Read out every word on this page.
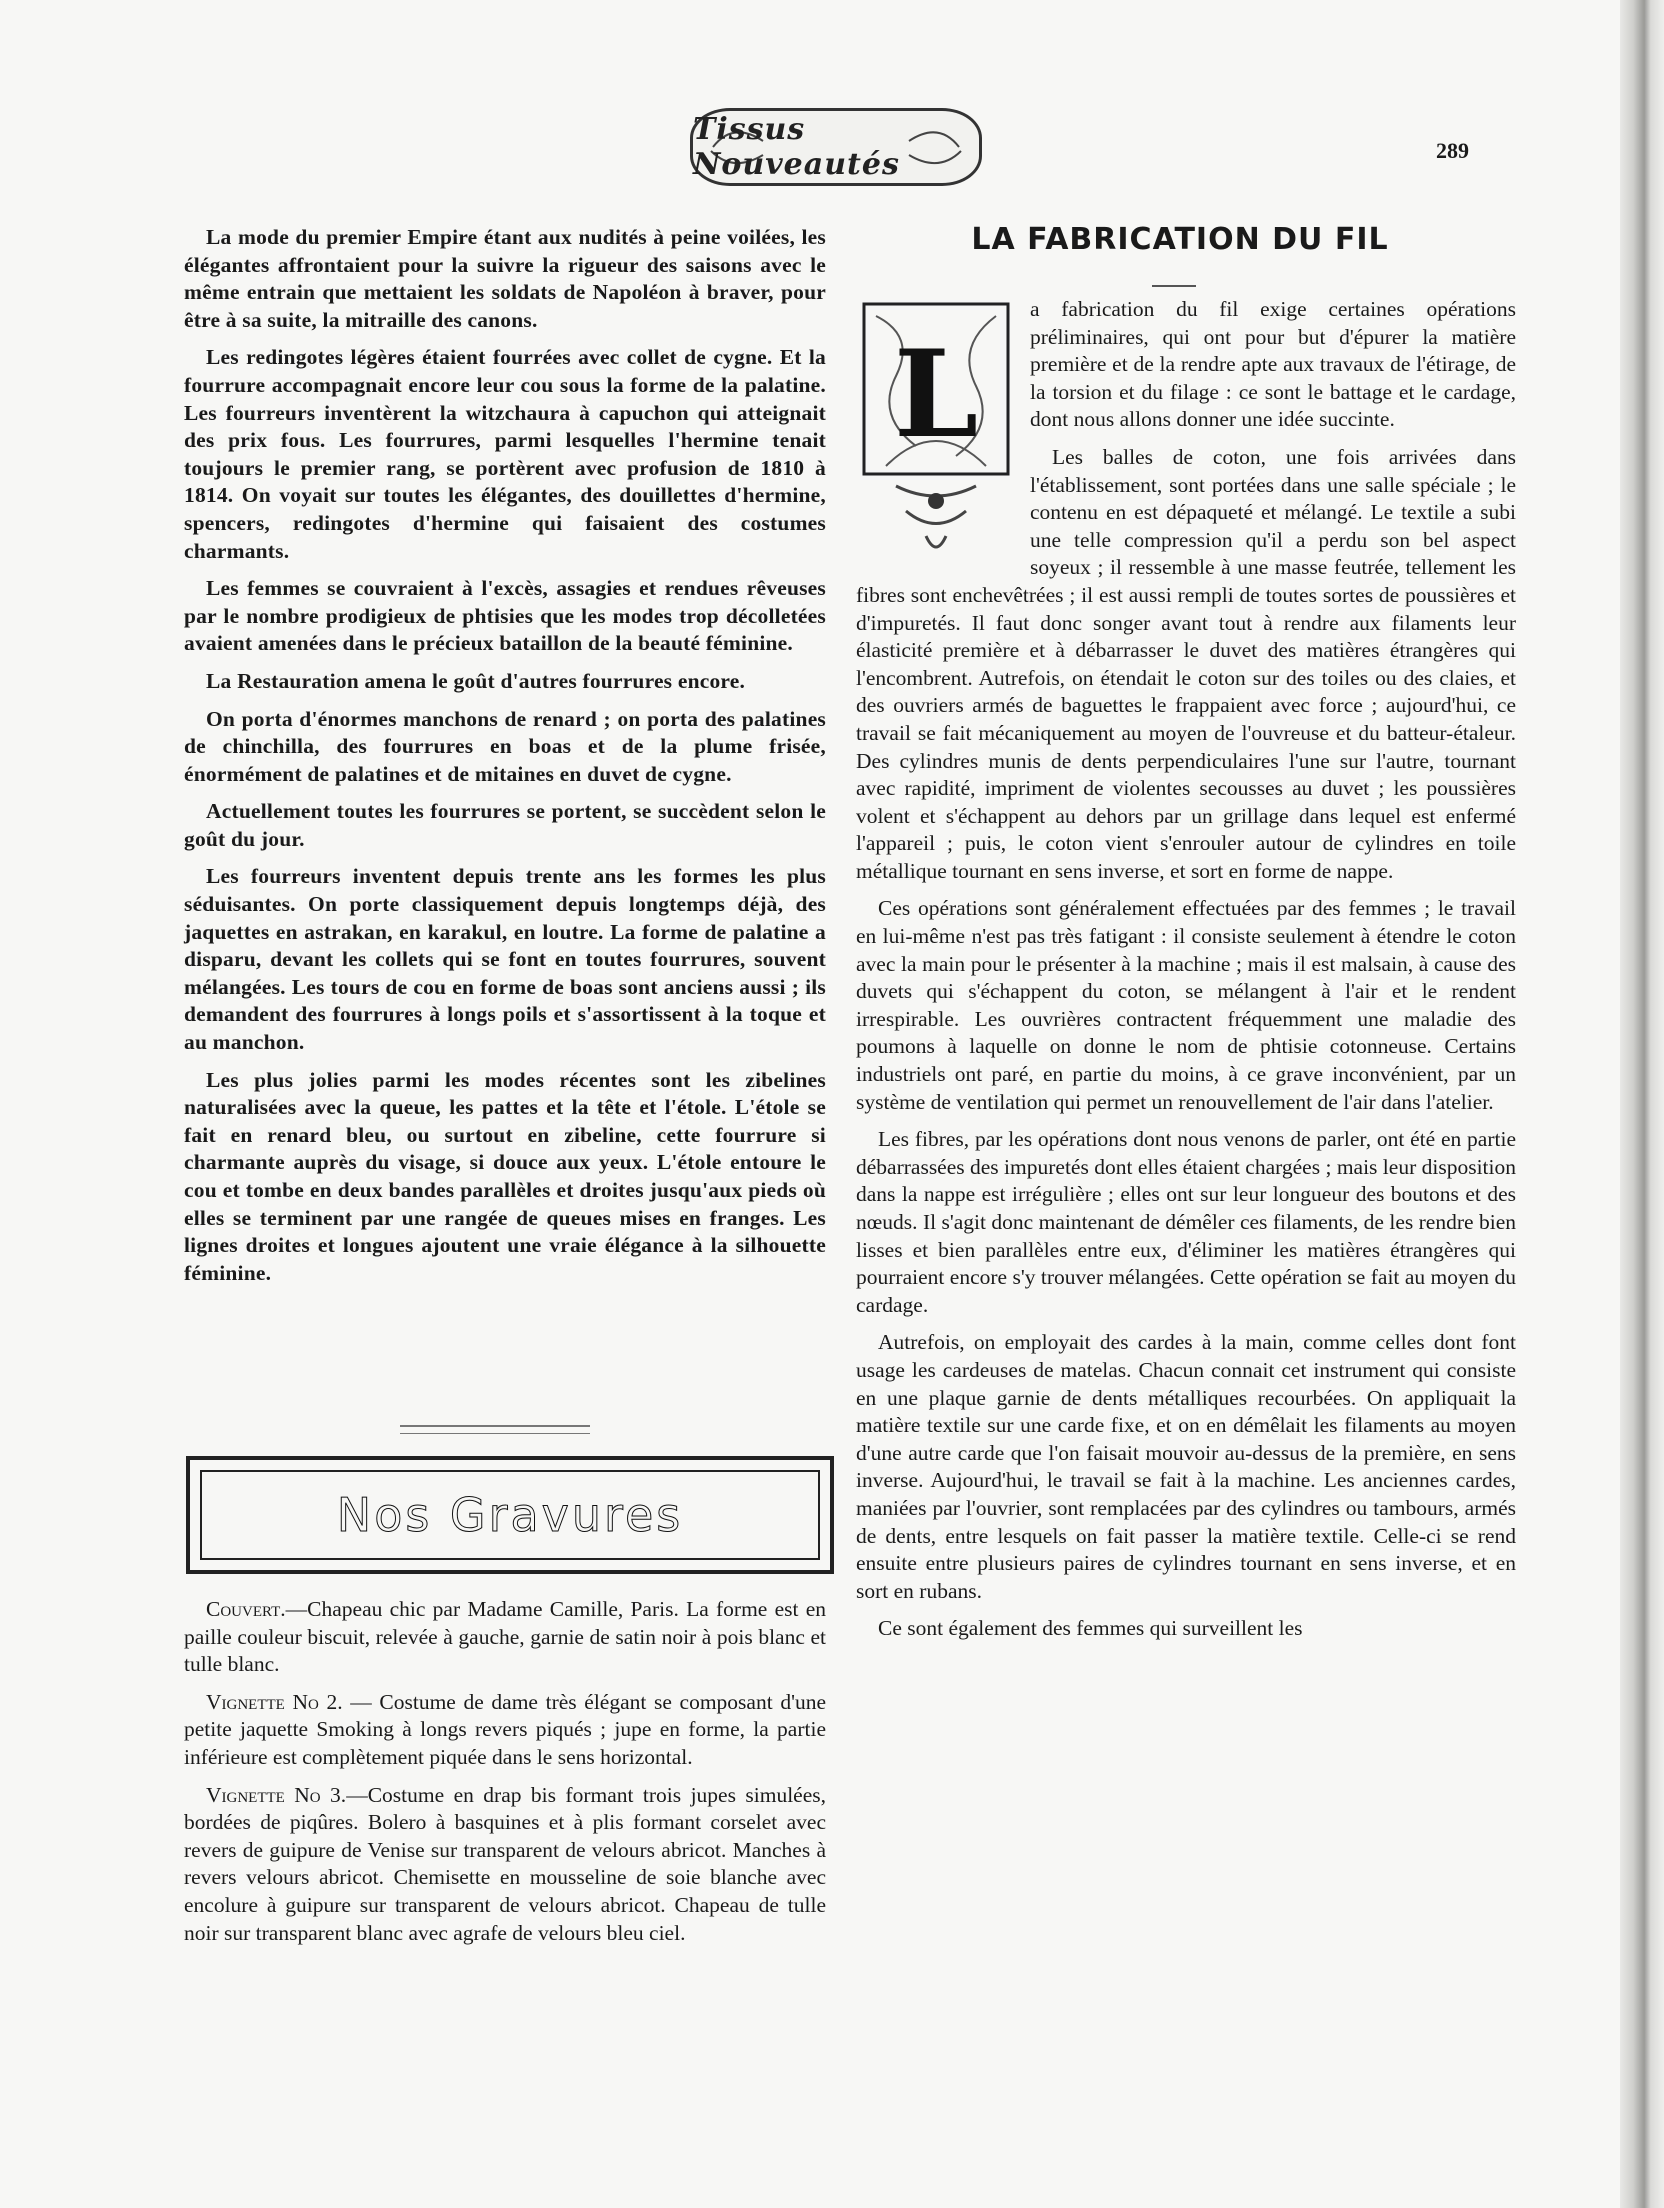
Tissus Nouveautés	289

La mode du premier Empire étant aux nudités à peine voilées, les élégantes affrontaient pour la suivre la rigueur des saisons avec le même entrain que mettaient les soldats de Napoléon à braver, pour être à sa suite, la mitraille des canons.

Les redingotes légères étaient fourrées avec collet de cygne. Et la fourrure accompagnait encore leur cou sous la forme de la palatine. Les fourreurs inventèrent la witzchaura à capuchon qui atteignait des prix fous. Les fourrures, parmi lesquelles l'hermine tenait toujours le premier rang, se portèrent avec profusion de 1810 à 1814. On voyait sur toutes les élégantes, des douillettes d'hermine, spencers, redingotes d'hermine qui faisaient des costumes charmants.

Les femmes se couvraient à l'excès, assagies et rendues rêveuses par le nombre prodigieux de phtisies que les modes trop décolletées avaient amenées dans le précieux bataillon de la beauté féminine.

La Restauration amena le goût d'autres fourrures encore.

On porta d'énormes manchons de renard ; on porta des palatines de chinchilla, des fourrures en boas et de la plume frisée, énormément de palatines et de mitaines en duvet de cygne.

Actuellement toutes les fourrures se portent, se succèdent selon le goût du jour.

Les fourreurs inventent depuis trente ans les formes les plus séduisantes. On porte classiquement depuis longtemps déjà, des jaquettes en astrakan, en karakul, en loutre. La forme de palatine a disparu, devant les collets qui se font en toutes fourrures, souvent mélangées. Les tours de cou en forme de boas sont anciens aussi ; ils demandent des fourrures à longs poils et s'assortissent à la toque et au manchon.

Les plus jolies parmi les modes récentes sont les zibelines naturalisées avec la queue, les pattes et la tête et l'étole. L'étole se fait en renard bleu, ou surtout en zibeline, cette fourrure si charmante auprès du visage, si douce aux yeux. L'étole entoure le cou et tombe en deux bandes parallèles et droites jusqu'aux pieds où elles se terminent par une rangée de queues mises en franges. Les lignes droites et longues ajoutent une vraie élégance à la silhouette féminine.

Nos Gravures

Couvert.—Chapeau chic par Madame Camille, Paris. La forme est en paille couleur biscuit, relevée à gauche, garnie de satin noir à pois blanc et tulle blanc.

Vignette No 2. — Costume de dame très élégant se composant d'une petite jaquette Smoking à longs revers piqués ; jupe en forme, la partie inférieure est complètement piquée dans le sens horizontal.

Vignette No 3.—Costume en drap bis formant trois jupes simulées, bordées de piqûres. Bolero à basquines et à plis formant corselet avec revers de guipure de Venise sur transparent de velours abricot. Manches à revers velours abricot. Chemisette en mousseline de soie blanche avec encolure à guipure sur transparent de velours abricot. Chapeau de tulle noir sur transparent blanc avec agrafe de velours bleu ciel.

LA FABRICATION DU FIL
L

a fabrication du fil exige certaines opérations préliminaires, qui ont pour but d'épurer la matière première et de la rendre apte aux travaux de l'étirage, de la torsion et du filage : ce sont le battage et le cardage, dont nous allons donner une idée succinte.

Les balles de coton, une fois arrivées dans l'établissement, sont portées dans une salle spéciale ; le contenu en est dépaqueté et mélangé. Le textile a subi une telle compression qu'il a perdu son bel aspect soyeux ; il ressemble à une masse feutrée, tellement les fibres sont enchevêtrées ; il est aussi rempli de toutes sortes de poussières et d'impuretés. Il faut donc songer avant tout à rendre aux filaments leur élasticité première et à débarrasser le duvet des matières étrangères qui l'encombrent. Autrefois, on étendait le coton sur des toiles ou des claies, et des ouvriers armés de baguettes le frappaient avec force ; aujourd'hui, ce travail se fait mécaniquement au moyen de l'ouvreuse et du batteur-étaleur. Des cylindres munis de dents perpendiculaires l'une sur l'autre, tournant avec rapidité, impriment de violentes secousses au duvet ; les poussières volent et s'échappent au dehors par un grillage dans lequel est enfermé l'appareil ; puis, le coton vient s'enrouler autour de cylindres en toile métallique tournant en sens inverse, et sort en forme de nappe.

Ces opérations sont généralement effectuées par des femmes ; le travail en lui-même n'est pas très fatigant : il consiste seulement à étendre le coton avec la main pour le présenter à la machine ; mais il est malsain, à cause des duvets qui s'échappent du coton, se mélangent à l'air et le rendent irrespirable. Les ouvrières contractent fréquemment une maladie des poumons à laquelle on donne le nom de phtisie cotonneuse. Certains industriels ont paré, en partie du moins, à ce grave inconvénient, par un système de ventilation qui permet un renouvellement de l'air dans l'atelier.

Les fibres, par les opérations dont nous venons de parler, ont été en partie débarrassées des impuretés dont elles étaient chargées ; mais leur disposition dans la nappe est irrégulière ; elles ont sur leur longueur des boutons et des nœuds. Il s'agit donc maintenant de démêler ces filaments, de les rendre bien lisses et bien parallèles entre eux, d'éliminer les matières étrangères qui pourraient encore s'y trouver mélangées. Cette opération se fait au moyen du cardage.

Autrefois, on employait des cardes à la main, comme celles dont font usage les cardeuses de matelas. Chacun connait cet instrument qui consiste en une plaque garnie de dents métalliques recourbées. On appliquait la matière textile sur une carde fixe, et on en démêlait les filaments au moyen d'une autre carde que l'on faisait mouvoir au-dessus de la première, en sens inverse. Aujourd'hui, le travail se fait à la machine. Les anciennes cardes, maniées par l'ouvrier, sont remplacées par des cylindres ou tambours, armés de dents, entre lesquels on fait passer la matière textile. Celle-ci se rend ensuite entre plusieurs paires de cylindres tournant en sens inverse, et en sort en rubans.

Ce sont également des femmes qui surveillent les
